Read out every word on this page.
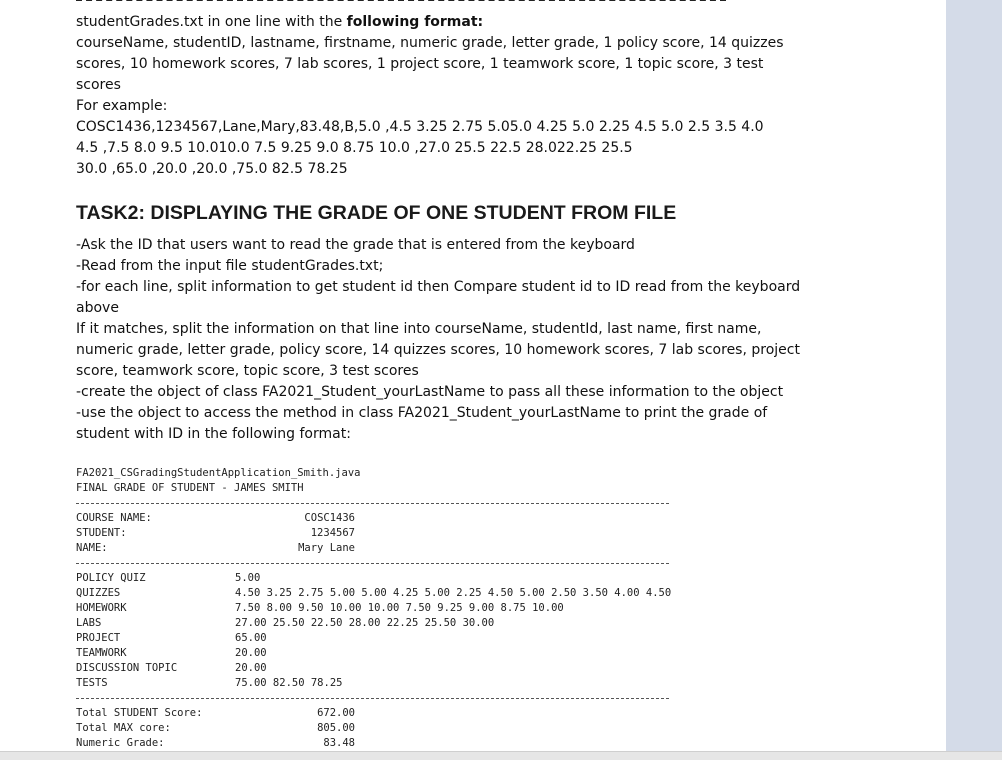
studentGrades.txt in one line with the following format:

courseName, studentID, lastname, firstname, numeric grade, letter grade, 1 policy score, 14 quizzes scores, 10 homework scores, 7 lab scores, 1 project score, 1 teamwork score, 1 topic score, 3 test scores

For example:

COSC1436,1234567,Lane,Mary,83.48,B,5.0 ,4.5 3.25 2.75 5.05.0 4.25 5.0 2.25 4.5 5.0 2.5 3.5 4.0

4.5 ,7.5 8.0 9.5 10.010.0 7.5 9.25 9.0 8.75 10.0 ,27.0 25.5 22.5 28.022.25 25.5

30.0 ,65.0 ,20.0 ,20.0 ,75.0 82.5 78.25

TASK2: DISPLAYING THE GRADE OF ONE STUDENT FROM FILE

-Ask the ID that users want to read the grade that is entered from the keyboard

-Read from the input file studentGrades.txt;

-for each line, split information to get student id then Compare student id to ID read from the keyboard above

If it matches, split the information on that line into courseName, studentId, last name, first name, numeric grade, letter grade, policy score, 14 quizzes scores, 10 homework scores, 7 lab scores, project score, teamwork score, topic score, 3 test scores

-create the object of class FA2021_Student_yourLastName to pass all these information to the object

-use the object to access the method in class FA2021_Student_yourLastName to print the grade of student with ID in the following format:

FA2021_CSGradingStudentApplication_Smith.java
FINAL GRADE OF STUDENT - JAMES SMITH
COURSE NAME:	COSC1436
STUDENT:	1234567
NAME:	Mary Lane
POLICY QUIZ	5.00
QUIZZES	4.50 3.25 2.75 5.00 5.00 4.25 5.00 2.25 4.50 5.00 2.50 3.50 4.00 4.50
HOMEWORK	7.50 8.00 9.50 10.00 10.00 7.50 9.25 9.00 8.75 10.00
LABS	27.00 25.50 22.50 28.00 22.25 25.50 30.00
PROJECT	65.00
TEAMWORK	20.00
DISCUSSION TOPIC	20.00
TESTS	75.00 82.50 78.25
Total STUDENT Score:	672.00
Total MAX core:	805.00
Numeric Grade:	83.48
